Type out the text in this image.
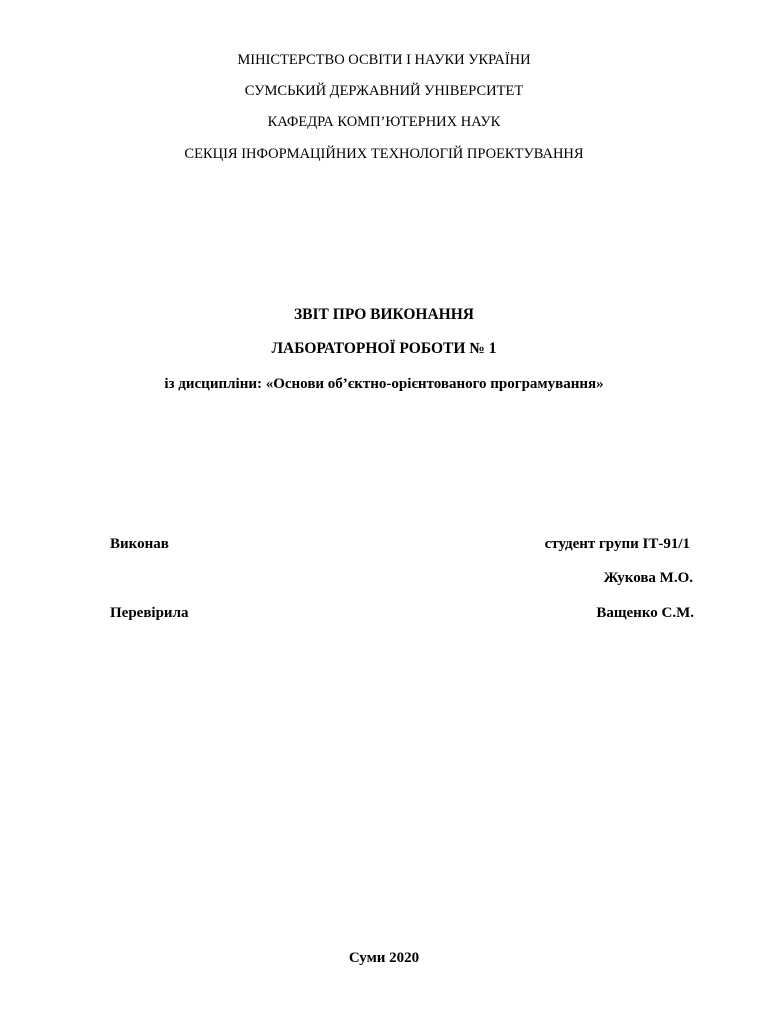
МІНІСТЕРСТВО ОСВІТИ І НАУКИ УКРАЇНИ
СУМСЬКИЙ ДЕРЖАВНИЙ УНІВЕРСИТЕТ
КАФЕДРА КОМП’ЮТЕРНИХ НАУК
СЕКЦІЯ ІНФОРМАЦІЙНИХ ТЕХНОЛОГІЙ ПРОЕКТУВАННЯ
ЗВІТ ПРО ВИКОНАННЯ
ЛАБОРАТОРНОЇ РОБОТИ № 1
із дисципліни: «Основи об’єктно-орієнтованого програмування»
Виконав	студент групи ІТ-91/1
Жукова М.О.
Перевірила	Ващенко С.М.
Суми 2020
